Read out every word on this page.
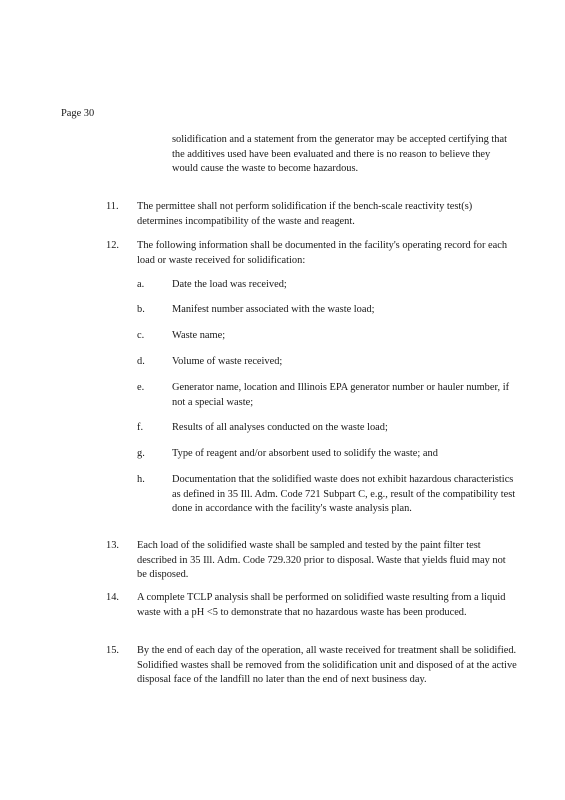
Page 30
solidification and a statement from the generator may be accepted certifying that the additives used have been evaluated and there is no reason to believe they would cause the waste to become hazardous.
11. The permittee shall not perform solidification if the bench-scale reactivity test(s) determines incompatibility of the waste and reagent.
12. The following information shall be documented in the facility's operating record for each load or waste received for solidification:
a.	Date the load was received;
b.	Manifest number associated with the waste load;
c.	Waste name;
d.	Volume of waste received;
e.	Generator name, location and Illinois EPA generator number or hauler number, if not a special waste;
f.	Results of all analyses conducted on the waste load;
g.	Type of reagent and/or absorbent used to solidify the waste; and
h.	Documentation that the solidified waste does not exhibit hazardous characteristics as defined in 35 Ill. Adm. Code 721 Subpart C, e.g., result of the compatibility test done in accordance with the facility's waste analysis plan.
13. Each load of the solidified waste shall be sampled and tested by the paint filter test described in 35 Ill. Adm. Code 729.320 prior to disposal. Waste that yields fluid may not be disposed.
14. A complete TCLP analysis shall be performed on solidified waste resulting from a liquid waste with a pH <5 to demonstrate that no hazardous waste has been produced.
15. By the end of each day of the operation, all waste received for treatment shall be solidified. Solidified wastes shall be removed from the solidification unit and disposed of at the active disposal face of the landfill no later than the end of next business day.
